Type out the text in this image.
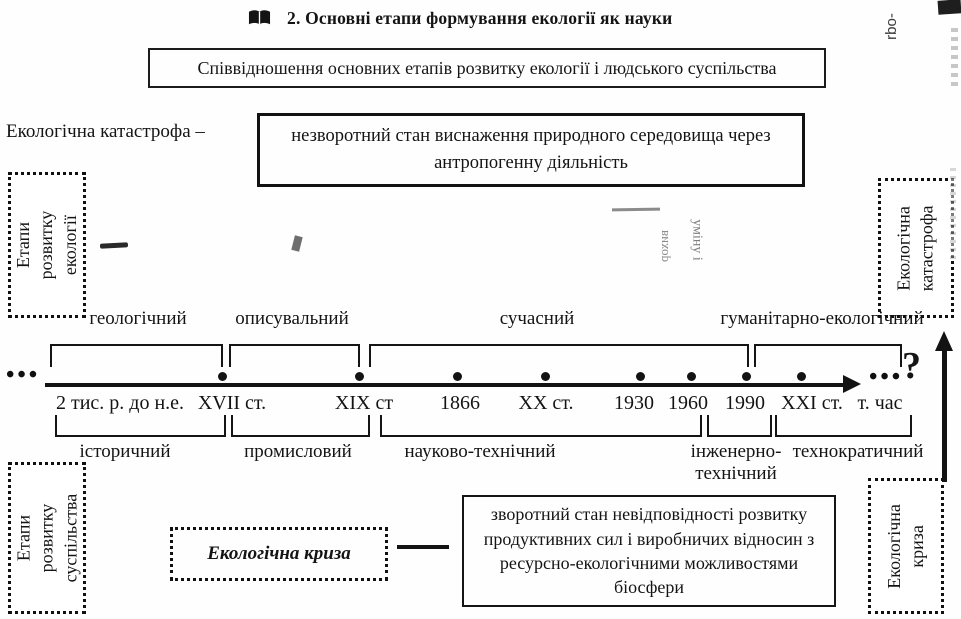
2. Основні етапи формування екології як науки
Співвідношення основних етапів розвитку екології і людського суспільства
Екологічна катастрофа –	незворотний стан виснаження природного середовища через антропогенну діяльність
Етапи розвитку екології	Екологічна катастрофа
Етапи розвитку суспільства	Екологічна криза
геологічний	описувальний	сучасний	гуманітарно-екологічний
•••	•••
?
2 тис. р. до н.е. XVII ст.	XIX ст 1866 XX ст. 1930 1960 1990 XXI ст. т. час
історичний	промисловий	науково-технічний	інженерно-технічний
технократичний
Екологічна криза
зворотний стан невідповідності розвитку продуктивних сил і виробничих відносин з ресурсно-екологічними можливостями біосфери
rbo-
вихор уміну і
